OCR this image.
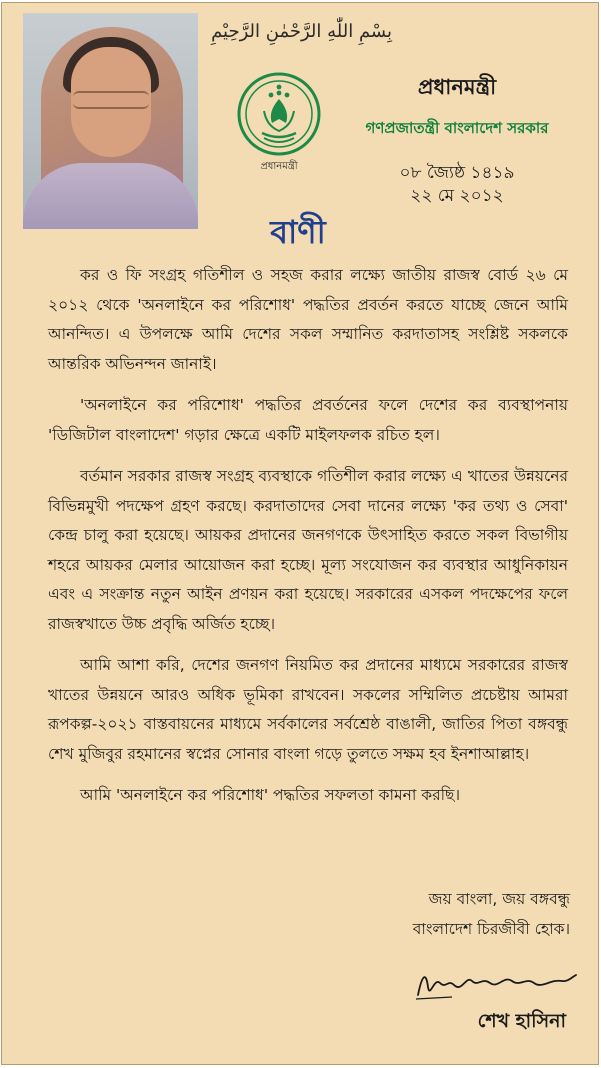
بِسْمِ اللّٰهِ الرَّحْمٰنِ الرَّحِيْمِ
প্রধানমন্ত্রী
প্রধানমন্ত্রী
গণপ্রজাতন্ত্রী বাংলাদেশ সরকার
০৮ জ্যৈষ্ঠ ১৪১৯
২২ মে ২০১২
বাণী

কর ও ফি সংগ্রহ গতিশীল ও সহজ করার লক্ষ্যে জাতীয় রাজস্ব বোর্ড ২৬ মে ২০১২ থেকে 'অনলাইনে কর পরিশোধ' পদ্ধতির প্রবর্তন করতে যাচ্ছে জেনে আমি আনন্দিত। এ উপলক্ষে আমি দেশের সকল সম্মানিত করদাতাসহ সংশ্লিষ্ট সকলকে আন্তরিক অভিনন্দন জানাই।

'অনলাইনে কর পরিশোধ' পদ্ধতির প্রবর্তনের ফলে দেশের কর ব্যবস্থাপনায় 'ডিজিটাল বাংলাদেশ' গড়ার ক্ষেত্রে একটি মাইলফলক রচিত হল।

বর্তমান সরকার রাজস্ব সংগ্রহ ব্যবস্থাকে গতিশীল করার লক্ষ্যে এ খাতের উন্নয়নের বিভিন্নমুখী পদক্ষেপ গ্রহণ করছে। করদাতাদের সেবা দানের লক্ষ্যে 'কর তথ্য ও সেবা' কেন্দ্র চালু করা হয়েছে। আয়কর প্রদানের জনগণকে উৎসাহিত করতে সকল বিভাগীয় শহরে আয়কর মেলার আয়োজন করা হচ্ছে। মূল্য সংযোজন কর ব্যবস্থার আধুনিকায়ন এবং এ সংক্রান্ত নতুন আইন প্রণয়ন করা হয়েছে। সরকারের এসকল পদক্ষেপের ফলে রাজস্বখাতে উচ্চ প্রবৃদ্ধি অর্জিত হচ্ছে।

আমি আশা করি, দেশের জনগণ নিয়মিত কর প্রদানের মাধ্যমে সরকারের রাজস্ব খাতের উন্নয়নে আরও অধিক ভূমিকা রাখবেন। সকলের সম্মিলিত প্রচেষ্টায় আমরা রূপকল্প-২০২১ বাস্তবায়নের মাধ্যমে সর্বকালের সর্বশ্রেষ্ঠ বাঙালী, জাতির পিতা বঙ্গবন্ধু শেখ মুজিবুর রহমানের স্বপ্নের সোনার বাংলা গড়ে তুলতে সক্ষম হব ইনশাআল্লাহ।

আমি 'অনলাইনে কর পরিশোধ' পদ্ধতির সফলতা কামনা করছি।

জয় বাংলা, জয় বঙ্গবন্ধু
বাংলাদেশ চিরজীবী হোক।
শেখ হাসিনা
